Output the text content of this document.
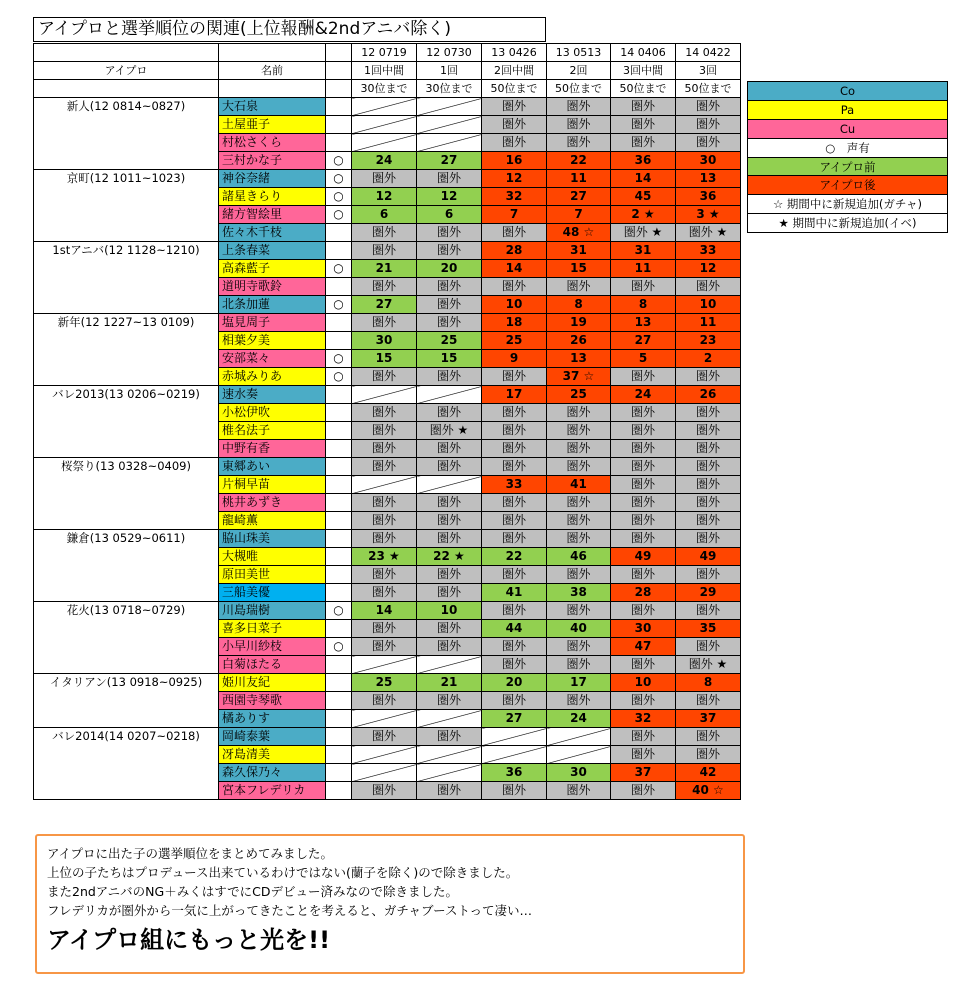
アイプロと選挙順位の関連(上位報酬&2ndアニバ除く)
			12 0719	12 0730	13 0426	13 0513	14 0406	14 0422
アイプロ	名前		1回中間	1回	2回中間	2回	3回中間	3回
			30位まで	30位まで	50位まで	50位まで	50位まで	50位まで
新人(12 0814~0827)	大石泉				圏外	圏外	圏外	圏外
	土屋亜子				圏外	圏外	圏外	圏外
	村松さくら				圏外	圏外	圏外	圏外
	三村かな子	○	24	27	16	22	36	30
京町(12 1011~1023)	神谷奈緒	○	圏外	圏外	12	11	14	13
	諸星きらり	○	12	12	32	27	45	36
	緒方智絵里	○	6	6	7	7	2 ★	3 ★
	佐々木千枝		圏外	圏外	圏外	48 ☆	圏外 ★	圏外 ★
1stアニバ(12 1128~1210)	上条春菜		圏外	圏外	28	31	31	33
	高森藍子	○	21	20	14	15	11	12
	道明寺歌鈴		圏外	圏外	圏外	圏外	圏外	圏外
	北条加蓮	○	27	圏外	10	8	8	10
新年(12 1227~13 0109)	塩見周子		圏外	圏外	18	19	13	11
	相葉夕美		30	25	25	26	27	23
	安部菜々	○	15	15	9	13	5	2
	赤城みりあ	○	圏外	圏外	圏外	37 ☆	圏外	圏外
バレ2013(13 0206~0219)	速水奏				17	25	24	26
	小松伊吹		圏外	圏外	圏外	圏外	圏外	圏外
	椎名法子		圏外	圏外 ★	圏外	圏外	圏外	圏外
	中野有香		圏外	圏外	圏外	圏外	圏外	圏外
桜祭り(13 0328~0409)	東郷あい		圏外	圏外	圏外	圏外	圏外	圏外
	片桐早苗				33	41	圏外	圏外
	桃井あずき		圏外	圏外	圏外	圏外	圏外	圏外
	龍崎薫		圏外	圏外	圏外	圏外	圏外	圏外
鎌倉(13 0529~0611)	脇山珠美		圏外	圏外	圏外	圏外	圏外	圏外
	大槻唯		23 ★	22 ★	22	46	49	49
	原田美世		圏外	圏外	圏外	圏外	圏外	圏外
	三船美優		圏外	圏外	41	38	28	29
花火(13 0718~0729)	川島瑞樹	○	14	10	圏外	圏外	圏外	圏外
	喜多日菜子		圏外	圏外	44	40	30	35
	小早川紗枝	○	圏外	圏外	圏外	圏外	47	圏外
	白菊ほたる				圏外	圏外	圏外	圏外 ★
イタリアン(13 0918~0925)	姫川友紀		25	21	20	17	10	8
	西園寺琴歌		圏外	圏外	圏外	圏外	圏外	圏外
	橘ありす				27	24	32	37
バレ2014(14 0207~0218)	岡崎泰葉		圏外	圏外			圏外	圏外
	冴島清美						圏外	圏外
	森久保乃々				36	30	37	42
	宮本フレデリカ		圏外	圏外	圏外	圏外	圏外	40 ☆
Co
Pa
Cu
○　声有
アイプロ前
アイプロ後
☆ 期間中に新規追加(ガチャ)
★ 期間中に新規追加(イベ)
アイプロに出た子の選挙順位をまとめてみました。
上位の子たちはプロデュース出来ているわけではない(蘭子を除く)ので除きました。
また2ndアニバのNG＋みくはすでにCDデビュー済みなので除きました。
フレデリカが圏外から一気に上がってきたことを考えると、ガチャブーストって凄い…
アイプロ組にもっと光を!!
